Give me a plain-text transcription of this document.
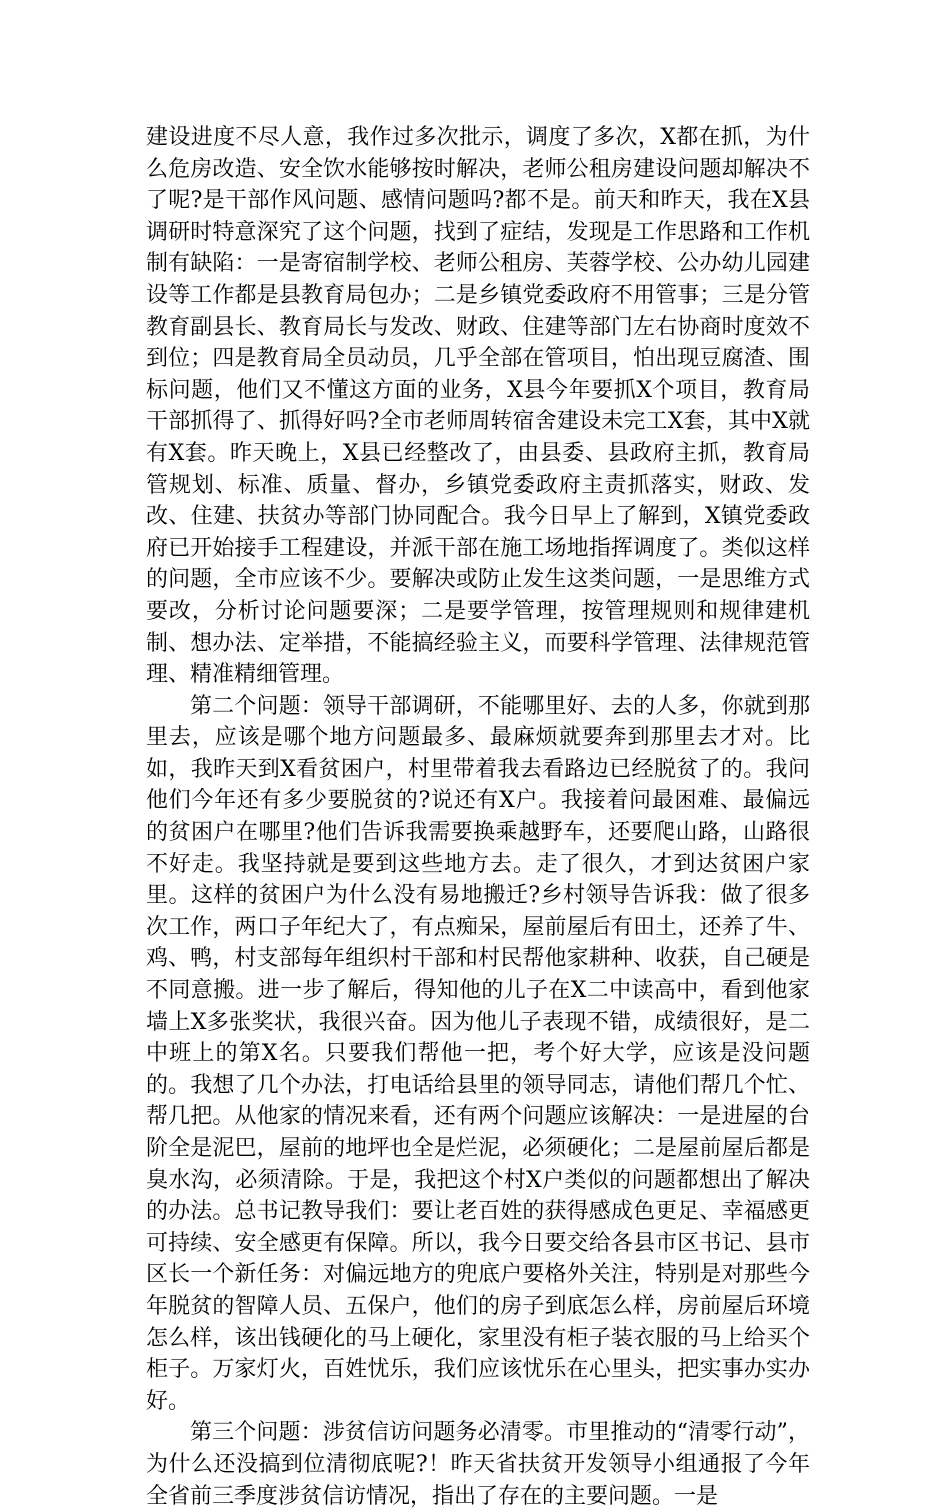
建设进度不尽人意，我作过多次批示，调度了多次，X都在抓，为什么危房改造、安全饮水能够按时解决，老师公租房建设问题却解决不了呢?是干部作风问题、感情问题吗?都不是。前天和昨天，我在X县调研时特意深究了这个问题，找到了症结，发现是工作思路和工作机制有缺陷：一是寄宿制学校、老师公租房、芙蓉学校、公办幼儿园建设等工作都是县教育局包办；二是乡镇党委政府不用管事；三是分管教育副县长、教育局长与发改、财政、住建等部门左右协商时度效不到位；四是教育局全员动员，几乎全部在管项目，怕出现豆腐渣、围标问题，他们又不懂这方面的业务，X县今年要抓X个项目，教育局干部抓得了、抓得好吗?全市老师周转宿舍建设未完工X套，其中X就有X套。昨天晚上，X县已经整改了，由县委、县政府主抓，教育局管规划、标准、质量、督办，乡镇党委政府主责抓落实，财政、发改、住建、扶贫办等部门协同配合。我今日早上了解到，X镇党委政府已开始接手工程建设，并派干部在施工场地指挥调度了。类似这样的问题，全市应该不少。要解决或防止发生这类问题，一是思维方式要改，分析讨论问题要深；二是要学管理，按管理规则和规律建机制、想办法、定举措，不能搞经验主义，而要科学管理、法律规范管理、精准精细管理。

第二个问题：领导干部调研，不能哪里好、去的人多，你就到那里去，应该是哪个地方问题最多、最麻烦就要奔到那里去才对。比如，我昨天到X看贫困户，村里带着我去看路边已经脱贫了的。我问他们今年还有多少要脱贫的?说还有X户。我接着问最困难、最偏远的贫困户在哪里?他们告诉我需要换乘越野车，还要爬山路，山路很不好走。我坚持就是要到这些地方去。走了很久，才到达贫困户家里。这样的贫困户为什么没有易地搬迁?乡村领导告诉我：做了很多次工作，两口子年纪大了，有点痴呆，屋前屋后有田土，还养了牛、鸡、鸭，村支部每年组织村干部和村民帮他家耕种、收获，自己硬是不同意搬。进一步了解后，得知他的儿子在X二中读高中，看到他家墙上X多张奖状，我很兴奋。因为他儿子表现不错，成绩很好，是二中班上的第X名。只要我们帮他一把，考个好大学，应该是没问题的。我想了几个办法，打电话给县里的领导同志，请他们帮几个忙、帮几把。从他家的情况来看，还有两个问题应该解决：一是进屋的台阶全是泥巴，屋前的地坪也全是烂泥，必须硬化；二是屋前屋后都是臭水沟，必须清除。于是，我把这个村X户类似的问题都想出了解决的办法。总书记教导我们：要让老百姓的获得感成色更足、幸福感更可持续、安全感更有保障。所以，我今日要交给各县市区书记、县市区长一个新任务：对偏远地方的兜底户要格外关注，特别是对那些今年脱贫的智障人员、五保户，他们的房子到底怎么样，房前屋后环境怎么样，该出钱硬化的马上硬化，家里没有柜子装衣服的马上给买个柜子。万家灯火，百姓忧乐，我们应该忧乐在心里头，把实事办实办好。

第三个问题：涉贫信访问题务必清零。市里推动的“清零行动”，为什么还没搞到位清彻底呢?！昨天省扶贫开发领导小组通报了今年全省前三季度涉贫信访情况，指出了存在的主要问题。一是
